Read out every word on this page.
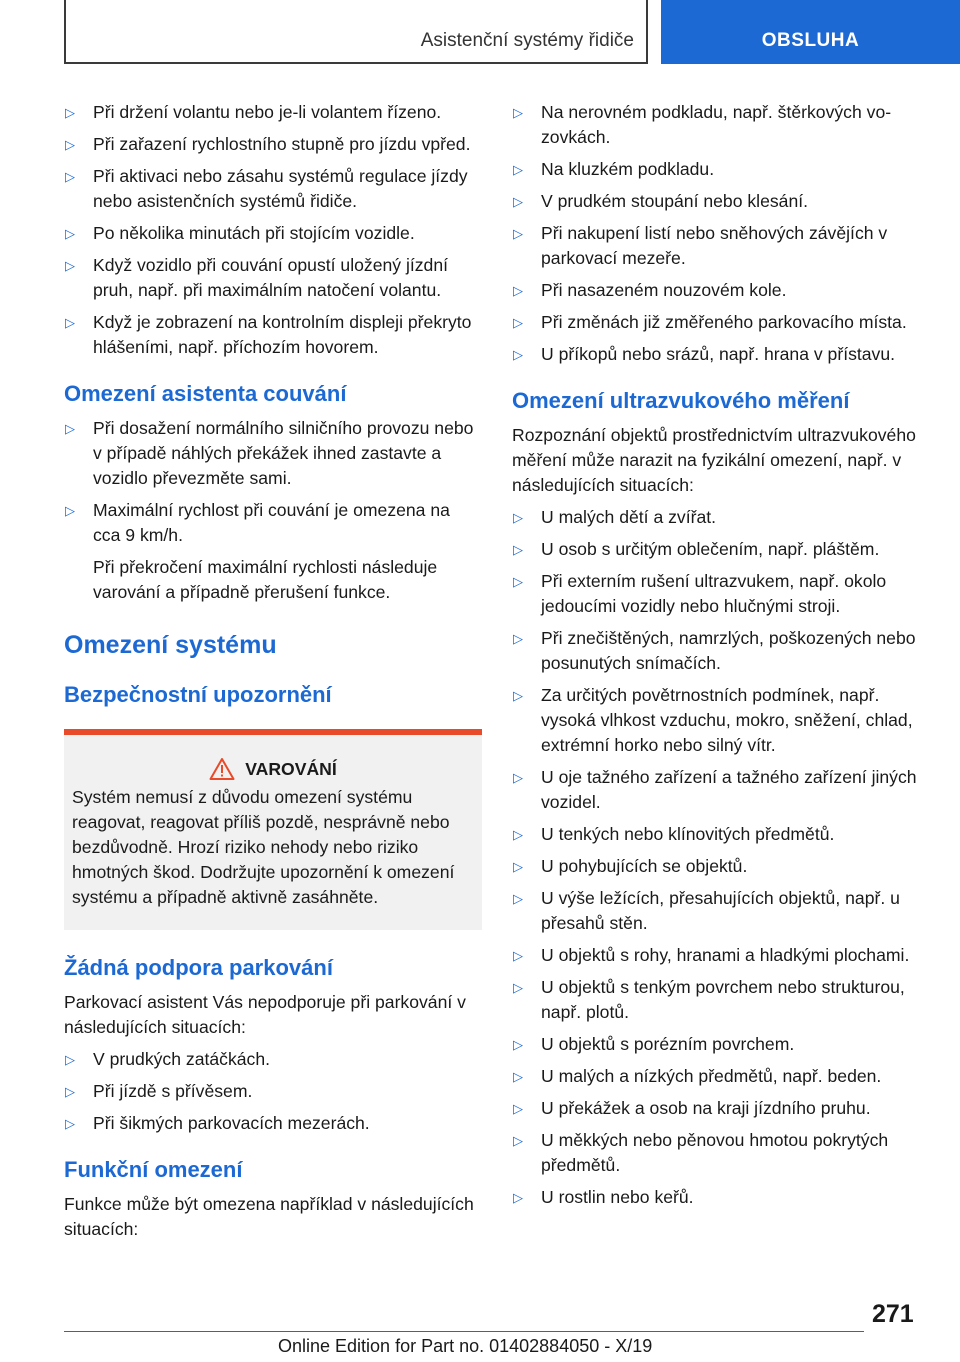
Asistenční systémy řidiče	OBSLUHA
▷ Při držení volantu nebo je-li volantem řízeno.
▷ Při zařazení rychlostního stupně pro jízdu vpřed.
▷ Při aktivaci nebo zásahu systémů regulace jízdy nebo asistenčních systémů řidiče.
▷ Po několika minutách při stojícím vozidle.
▷ Když vozidlo při couvání opustí uložený jízdní pruh, např. při maximálním natočení volantu.
▷ Když je zobrazení na kontrolním displeji překryto hlášeními, např. příchozím hovorem.
Omezení asistenta couvání
▷ Při dosažení normálního silničního provozu nebo v případě náhlých překážek ihned zastavte a vozidlo převezměte sami.
▷ Maximální rychlost při couvání je omezena na cca 9 km/h.
Při překročení maximální rychlosti následuje varování a případně přerušení funkce.
Omezení systému
Bezpečnostní upozornění
VAROVÁNÍ
Systém nemusí z důvodu omezení systému reagovat, reagovat příliš pozdě, nesprávně nebo bezdůvodně. Hrozí riziko nehody nebo riziko hmotných škod. Dodržujte upozornění k omezení systému a případně aktivně zasáhněte.
Žádná podpora parkování

Parkovací asistent Vás nepodporuje při parkování v následujících situacích:

▷ V prudkých zatáčkách.
▷ Při jízdě s přívěsem.
▷ Při šikmých parkovacích mezerách.
Funkční omezení

Funkce může být omezena například v následujících situacích:

▷ Na nerovném podkladu, např. štěrkových vozovkách.
▷ Na kluzkém podkladu.
▷ V prudkém stoupání nebo klesání.
▷ Při nakupení listí nebo sněhových závějích v parkovací mezeře.
▷ Při nasazeném nouzovém kole.
▷ Při změnách již změřeného parkovacího místa.
▷ U příkopů nebo srázů, např. hrana v přístavu.
Omezení ultrazvukového měření

Rozpoznání objektů prostřednictvím ultrazvukového měření může narazit na fyzikální omezení, např. v následujících situacích:

▷ U malých dětí a zvířat.
▷ U osob s určitým oblečením, např. pláštěm.
▷ Při externím rušení ultrazvukem, např. okolo jedoucími vozidly nebo hlučnými stroji.
▷ Při znečištěných, namrzlých, poškozených nebo posunutých snímačích.
▷ Za určitých povětrnostních podmínek, např. vysoká vlhkost vzduchu, mokro, sněžení, chlad, extrémní horko nebo silný vítr.
▷ U oje tažného zařízení a tažného zařízení jiných vozidel.
▷ U tenkých nebo klínovitých předmětů.
▷ U pohybujících se objektů.
▷ U výše ležících, přesahujících objektů, např. u přesahů stěn.
▷ U objektů s rohy, hranami a hladkými plochami.
▷ U objektů s tenkým povrchem nebo strukturou, např. plotů.
▷ U objektů s porézním povrchem.
▷ U malých a nízkých předmětů, např. beden.
▷ U překážek a osob na kraji jízdního pruhu.
▷ U měkkých nebo pěnovou hmotou pokrytých předmětů.
▷ U rostlin nebo keřů.
271
Online Edition for Part no. 01402884050 - X/19
